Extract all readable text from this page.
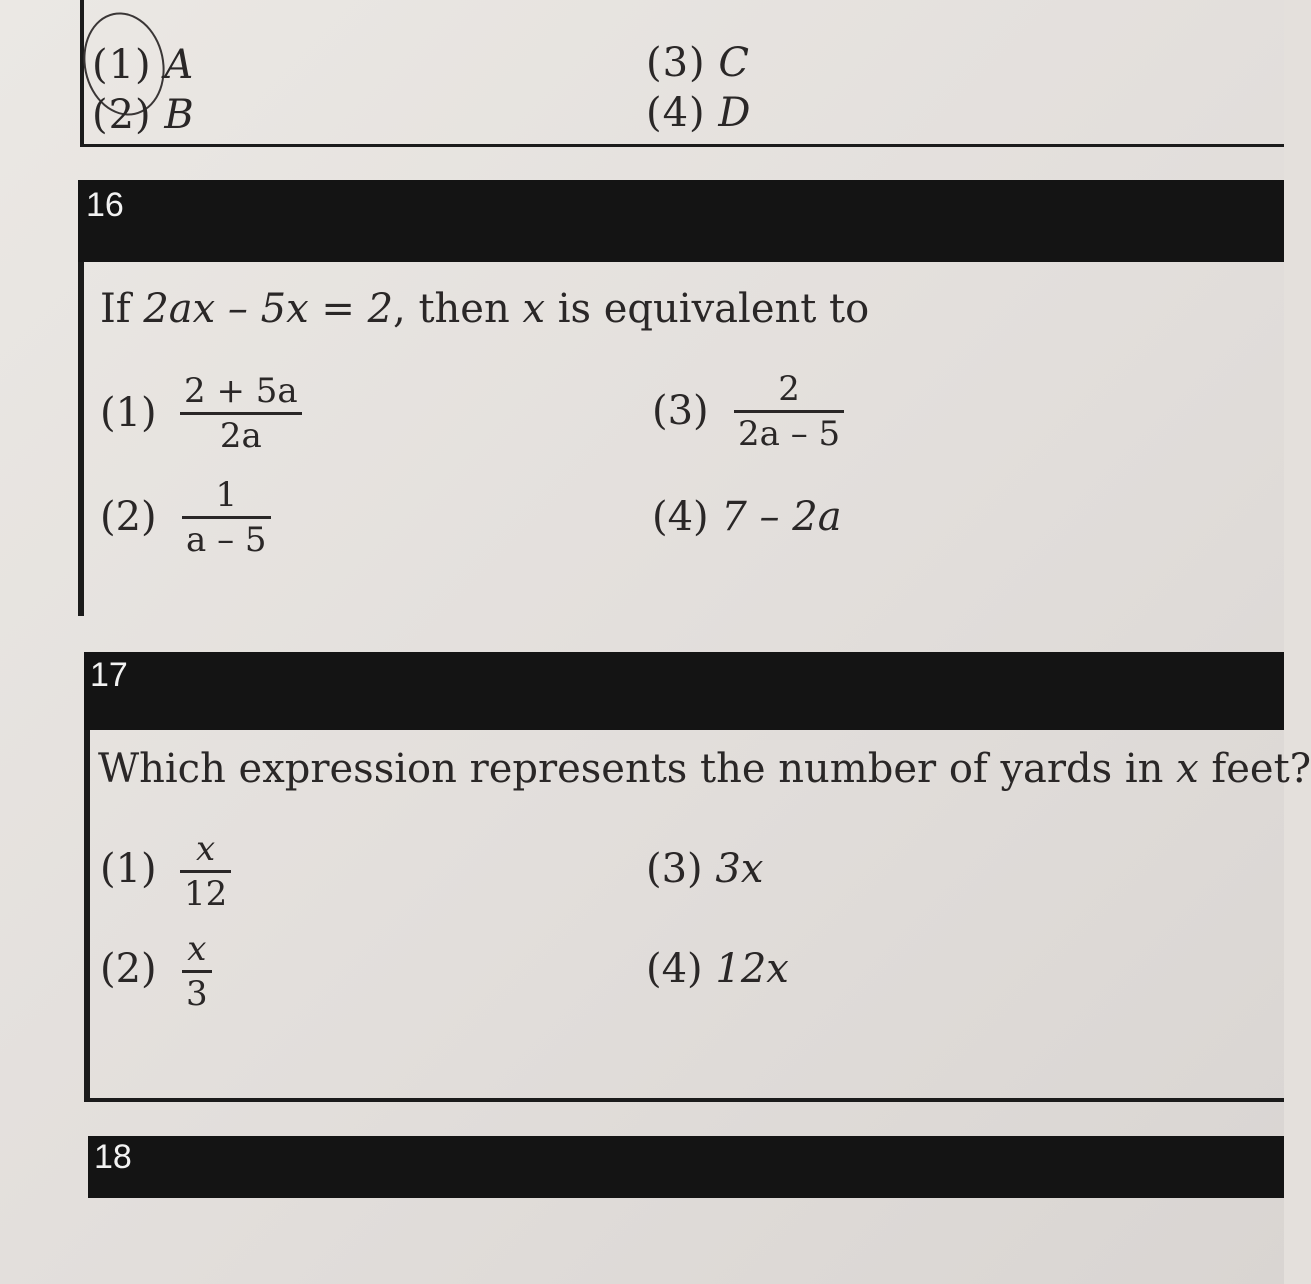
(1) A	(3) C
(2) B	(4) D
16
If 2ax – 5x = 2, then x is equivalent to
(1) 2 + 5a
2a
(3) 2
2a – 5
(2) 1
a – 5	(4) 7 – 2a
17
Which expression represents the number of yards in x feet?
(1) x
12
(3) 3x
(2) x
3
(4) 12x
18
